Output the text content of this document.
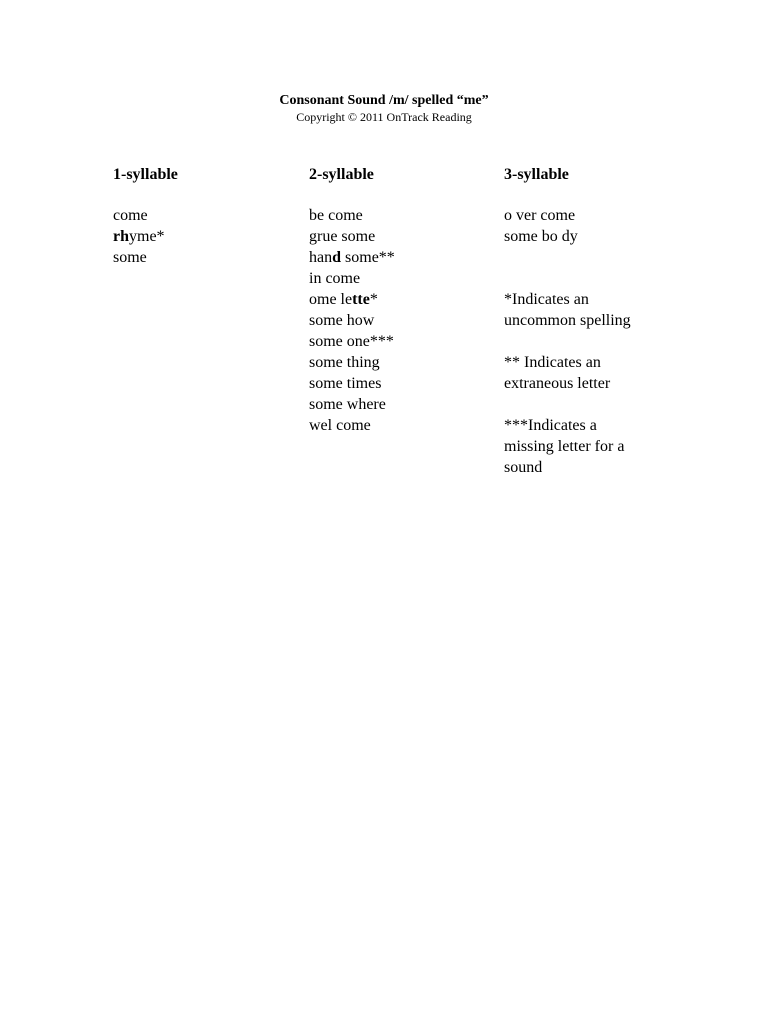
Consonant Sound /m/ spelled “me”
Copyright © 2011 OnTrack Reading
1-syllable
come
rhyme*
some
2-syllable
be come
grue some
hand some**
in come
ome lette*
some how
some one***
some thing
some times
some where
wel come
3-syllable
o ver come
some bo dy
*Indicates an
uncommon spelling
** Indicates an
extraneous letter
***Indicates a
missing letter for a
sound
